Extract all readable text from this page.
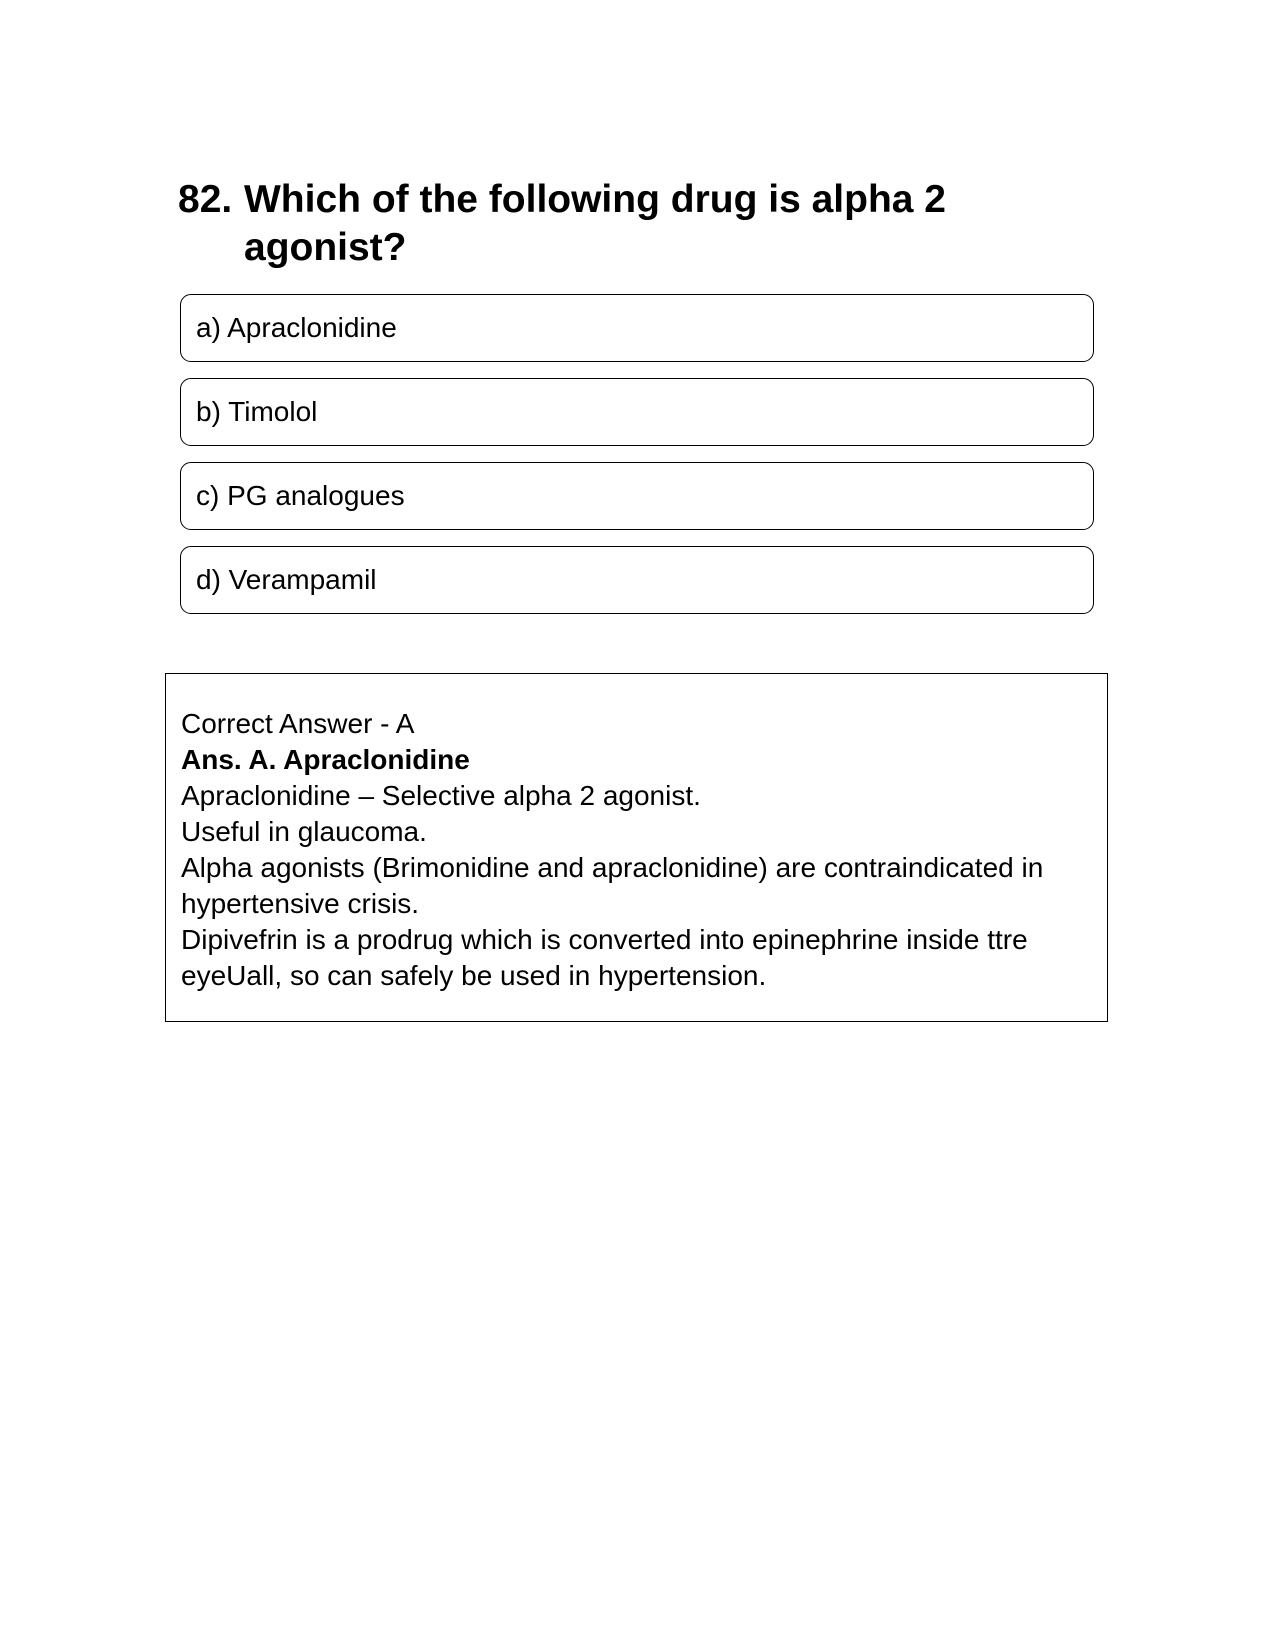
82. Which of the following drug is alpha 2 agonist?
a) Apraclonidine
b) Timolol
c) PG analogues
d) Verampamil
Correct Answer - A
Ans. A. Apraclonidine
Apraclonidine – Selective alpha 2 agonist.
Useful in glaucoma.
Alpha agonists (Brimonidine and apraclonidine) are contraindicated in hypertensive crisis.
Dipivefrin is a prodrug which is converted into epinephrine inside ttre eyeUall, so can safely be used in hypertension.
